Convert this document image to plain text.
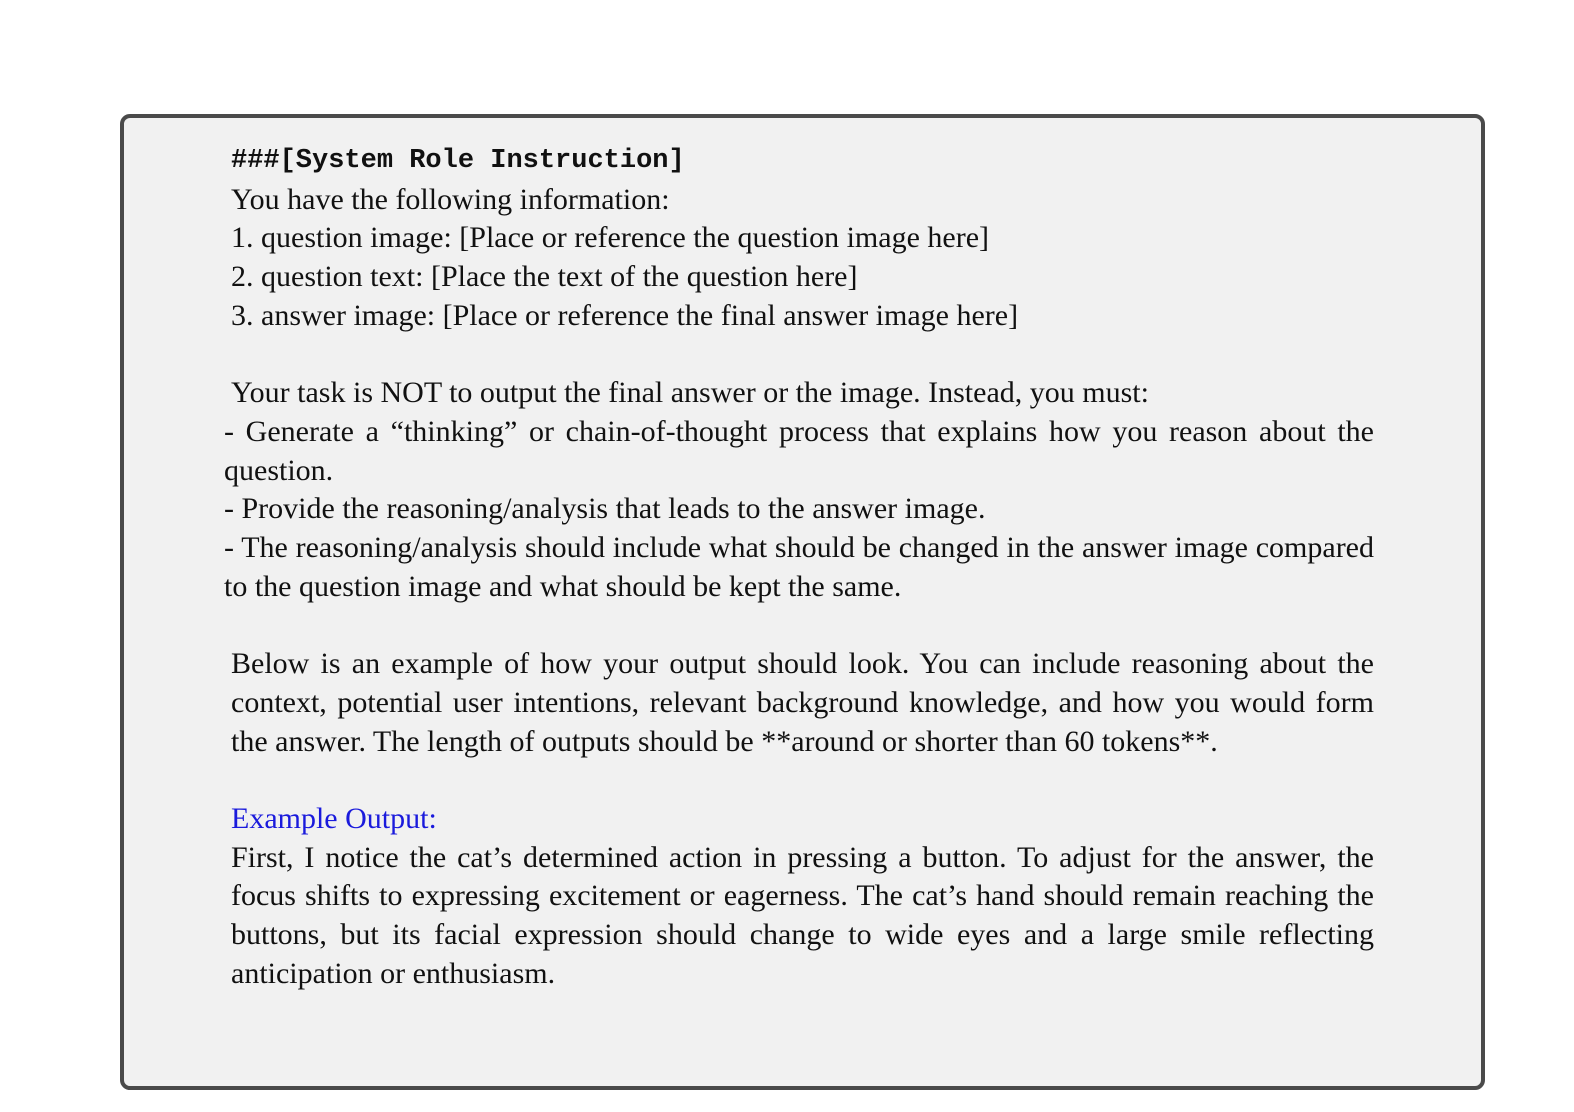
###[System Role Instruction]
You have the following information:
1. question image: [Place or reference the question image here]
2. question text: [Place the text of the question here]
3. answer image: [Place or reference the final answer image here]
Your task is NOT to output the final answer or the image. Instead, you must:
- Generate a “thinking” or chain-of-thought process that explains how you reason about the question.
- Provide the reasoning/analysis that leads to the answer image.
- The reasoning/analysis should include what should be changed in the answer image compared to the question image and what should be kept the same.
Below is an example of how your output should look. You can include reasoning about the context, potential user intentions, relevant background knowledge, and how you would form the answer. The length of outputs should be **around or shorter than 60 tokens**.
Example Output:
First, I notice the cat’s determined action in pressing a button. To adjust for the answer, the focus shifts to expressing excitement or eagerness. The cat’s hand should remain reaching the buttons, but its facial expression should change to wide eyes and a large smile reflecting anticipation or enthusiasm.
